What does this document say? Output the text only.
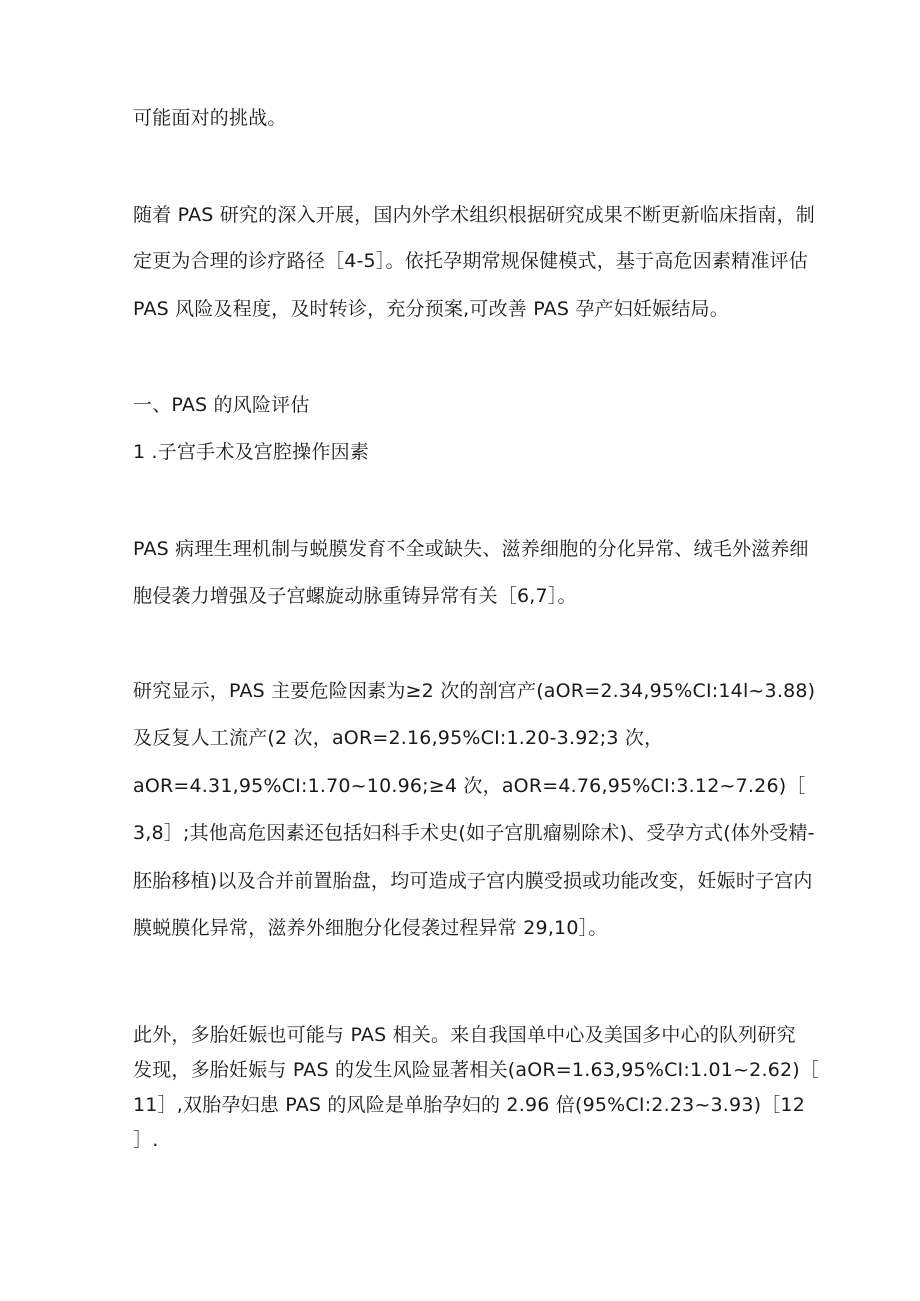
可能面对的挑战。
随着 PAS 研究的深入开展，国内外学术组织根据研究成果不断更新临床指南，制
定更为合理的诊疗路径［4-5］。依托孕期常规保健模式，基于高危因素精准评估
PAS 风险及程度，及时转诊，充分预案,可改善 PAS 孕产妇妊娠结局。
一、PAS 的风险评估
1 .子宫手术及宫腔操作因素
PAS 病理生理机制与蜕膜发育不全或缺失、滋养细胞的分化异常、绒毛外滋养细
胞侵袭力增强及子宫螺旋动脉重铸异常有关［6,7］。
研究显示，PAS 主要危险因素为≥2 次的剖宫产(aOR=2.34,95%CI:14l~3.88)
及反复人工流产(2 次，aOR=2.16,95%CI:1.20-3.92;3 次，
aOR=4.31,95%CI:1.70~10.96;≥4 次，aOR=4.76,95%CI:3.12~7.26)［
3,8］;其他高危因素还包括妇科手术史(如子宫肌瘤剔除术)、受孕方式(体外受精-
胚胎移植)以及合并前置胎盘，均可造成子宫内膜受损或功能改变，妊娠时子宫内
膜蜕膜化异常，滋养外细胞分化侵袭过程异常 29,10］。
此外，多胎妊娠也可能与 PAS 相关。来自我国单中心及美国多中心的队列研究
发现，多胎妊娠与 PAS 的发生风险显著相关(aOR=1.63,95%CI:1.01~2.62)［
11］,双胎孕妇患 PAS 的风险是单胎孕妇的 2.96 倍(95%CI:2.23~3.93)［12
］.
